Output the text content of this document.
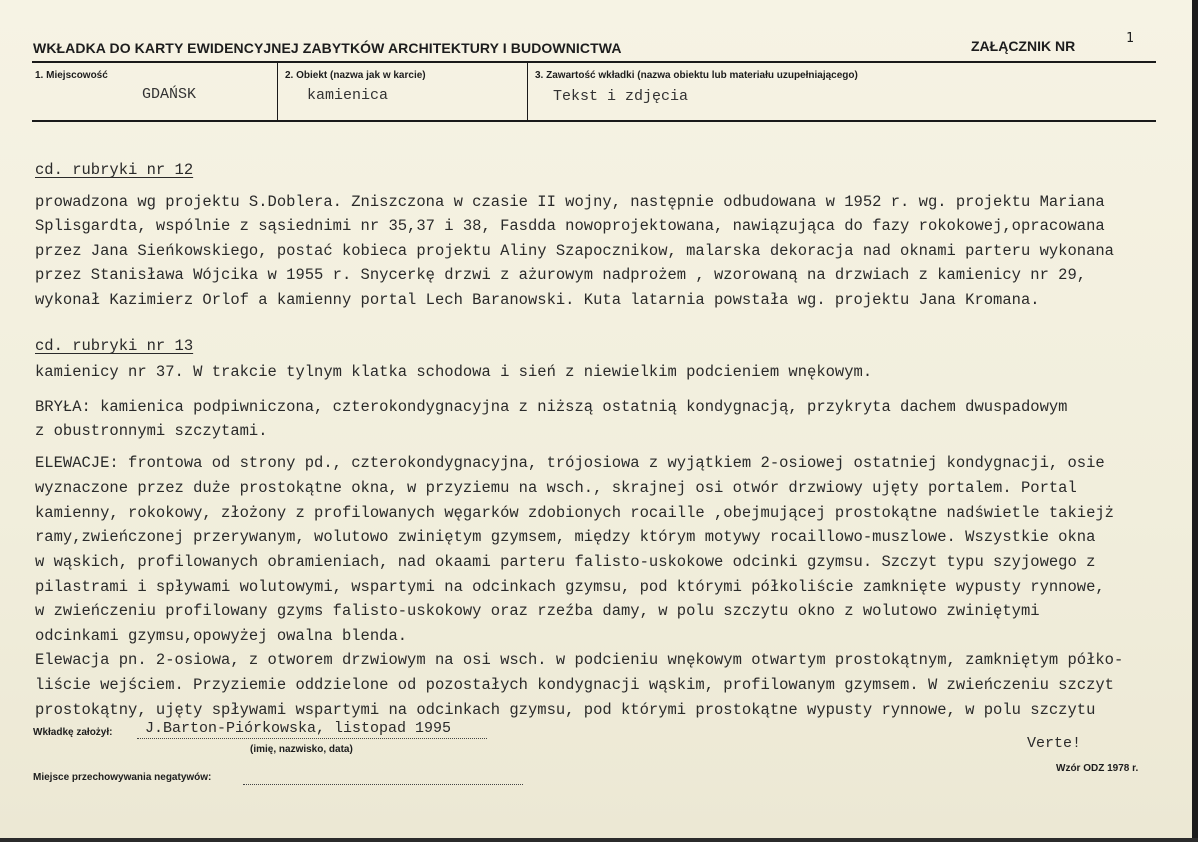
WKŁADKA DO KARTY EWIDENCYJNEJ ZABYTKÓW ARCHITEKTURY I BUDOWNICTWA	ZAŁĄCZNIK NR	1
1. Miejscowość
GDAŃSK
2. Obiekt (nazwa jak w karcie)
kamienica
3. Zawartość wkładki (nazwa obiektu lub materiału uzupełniającego)
Tekst i zdjęcia
cd. rubryki nr 12
prowadzona wg projektu S.Doblera. Zniszczona w czasie II wojny, następnie odbudowana w 1952 r. wg. projektu Mariana
Splisgardta, wspólnie z sąsiednimi nr 35,37 i 38, Fasdda nowoprojektowana, nawiązująca do fazy rokokowej,opracowana
przez Jana Sieńkowskiego, postać kobieca projektu Aliny Szapocznikow, malarska dekoracja nad oknami parteru wykonana
przez Stanisława Wójcika w 1955 r. Snycerkę drzwi z ażurowym nadprożem , wzorowaną na drzwiach z kamienicy nr 29,
wykonał Kazimierz Orlof a kamienny portal Lech Baranowski. Kuta latarnia powstała wg. projektu Jana Kromana.
cd. rubryki nr 13
kamienicy nr 37. W trakcie tylnym klatka schodowa i sień z niewielkim podcieniem wnękowym.
BRYŁA: kamienica podpiwniczona, czterokondygnacyjna z niższą ostatnią kondygnacją, przykryta dachem dwuspadowym
z obustronnymi szczytami.
ELEWACJE: frontowa od strony pd., czterokondygnacyjna, trójosiowa z wyjątkiem 2-osiowej ostatniej kondygnacji, osie
wyznaczone przez duże prostokątne okna, w przyziemu na wsch., skrajnej osi otwór drzwiowy ujęty portalem. Portal
kamienny, rokokowy, złożony z profilowanych węgarków zdobionych rocaille ,obejmującej prostokątne nadświetle takiejż
ramy,zwieńczonej przerywanym, wolutowo zwiniętym gzymsem, między którym motywy rocaillowo-muszlowe. Wszystkie okna
w wąskich, profilowanych obramieniach, nad okaami parteru falisto-uskokowe odcinki gzymsu. Szczyt typu szyjowego z
pilastrami i spływami wolutowymi, wspartymi na odcinkach gzymsu, pod którymi półkoliście zamknięte wypusty rynnowe,
w zwieńczeniu profilowany gzyms falisto-uskokowy oraz rzeźba damy, w polu szczytu okno z wolutowo zwiniętymi
odcinkami gzymsu,opowyżej owalna blenda.
Elewacja pn. 2-osiowa, z otworem drzwiowym na osi wsch. w podcieniu wnękowym otwartym prostokątnym, zamkniętym półko-
liście wejściem. Przyziemie oddzielone od pozostałych kondygnacji wąskim, profilowanym gzymsem. W zwieńczeniu szczyt
prostokątny, ujęty spływami wspartymi na odcinkach gzymsu, pod którymi prostokątne wypusty rynnowe, w polu szczytu
Wkładkę założył: J.Barton-Piórkowska, listopad 1995
(imię, nazwisko, data)	Verte!
Miejsce przechowywania negatywów:
Wzór ODZ 1978 r.
